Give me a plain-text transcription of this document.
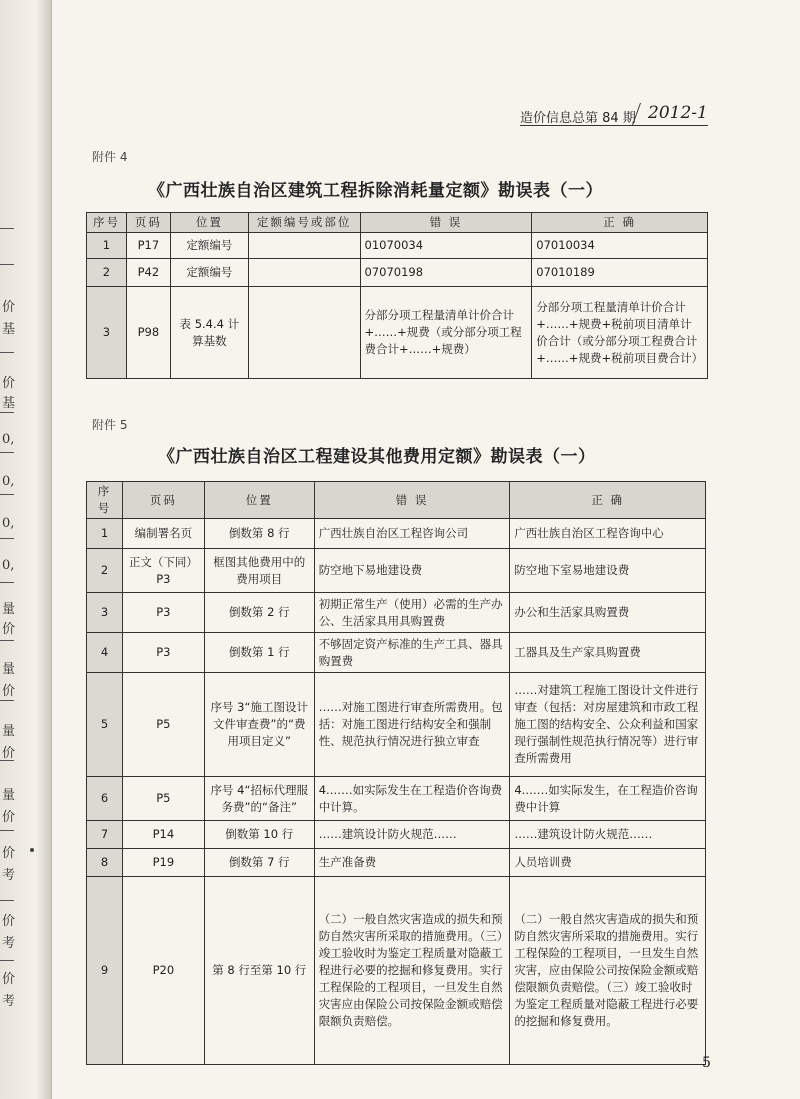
价
基
价
基
0,
0,
0,
0,
量
价
量
价
量
价
量
价
价
考
价
考
价
考
造价信息总第 84 期 2012-1
附件 4
《广西壮族自治区建筑工程拆除消耗量定额》勘误表（一）
序号	页码	位置	定额编号或部位	错 误	正 确
1	P17	定额编号		01070034	07010034
2	P42	定额编号		07070198	07010189
3	P98	表 5.4.4 计算基数		分部分项工程量清单计价合计+……+规费（或分部分项工程费合计+……+规费）	分部分项工程量清单计价合计+……+规费+税前项目清单计价合计（或分部分项工程费合计+……+规费+税前项目费合计）
附件 5
《广西壮族自治区工程建设其他费用定额》勘误表（一）
序号	页码	位置	错 误	正 确
1	编制署名页	倒数第 8 行	广西壮族自治区工程咨询公司	广西壮族自治区工程咨询中心
2	正文（下同）P3	框图其他费用中的费用项目	防空地下易地建设费	防空地下室易地建设费
3	P3	倒数第 2 行	初期正常生产（使用）必需的生产办公、生活家具用具购置费	办公和生活家具购置费
4	P3	倒数第 1 行	不够固定资产标准的生产工具、器具购置费	工器具及生产家具购置费
5	P5	序号 3“施工图设计文件审查费”的“费用项目定义”	……对施工图进行审查所需费用。包括：对施工图进行结构安全和强制性、规范执行情况进行独立审查	……对建筑工程施工图设计文件进行审查（包括：对房屋建筑和市政工程施工图的结构安全、公众利益和国家现行强制性规范执行情况等）进行审查所需费用
6	P5	序号 4“招标代理服务费”的“备注”	4.……如实际发生在工程造价咨询费中计算。	4.……如实际发生，在工程造价咨询费中计算
7	P14	倒数第 10 行	……建筑设计防火规范……	……建筑设计防火规范……
8	P19	倒数第 7 行	生产准备费	人员培训费
9	P20	第 8 行至第 10 行	（二）一般自然灾害造成的损失和预防自然灾害所采取的措施费用。（三）竣工验收时为鉴定工程质量对隐蔽工程进行必要的挖掘和修复费用。实行工程保险的工程项目，一旦发生自然灾害应由保险公司按保险金额或赔偿限额负责赔偿。	（二）一般自然灾害造成的损失和预防自然灾害所采取的措施费用。实行工程保险的工程项目，一旦发生自然灾害，应由保险公司按保险金额或赔偿限额负责赔偿。（三）竣工验收时为鉴定工程质量对隐蔽工程进行必要的挖掘和修复费用。
5
